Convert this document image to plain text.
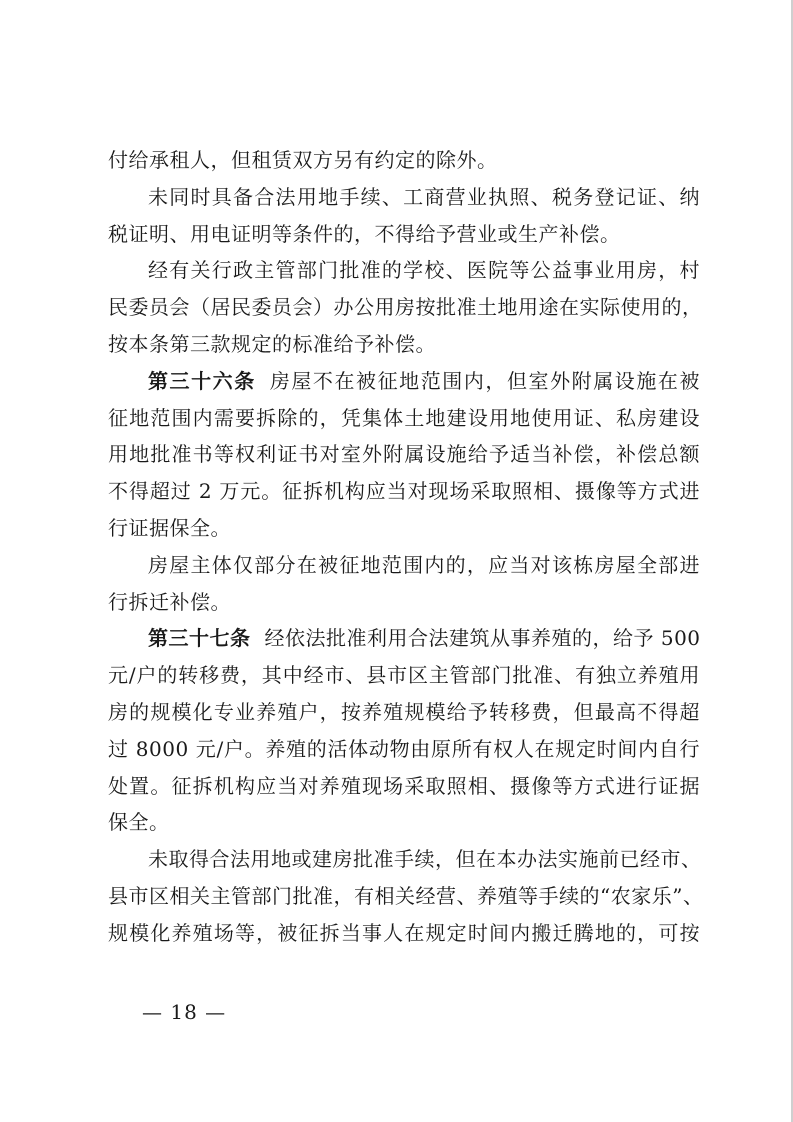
付给承租人，但租赁双方另有约定的除外。
未同时具备合法用地手续、工商营业执照、税务登记证、纳
税证明、用电证明等条件的，不得给予营业或生产补偿。
经有关行政主管部门批准的学校、医院等公益事业用房，村
民委员会（居民委员会）办公用房按批准土地用途在实际使用的，
按本条第三款规定的标准给予补偿。
第三十六条 房屋不在被征地范围内，但室外附属设施在被
征地范围内需要拆除的，凭集体土地建设用地使用证、私房建设
用地批准书等权利证书对室外附属设施给予适当补偿，补偿总额
不得超过 2 万元。征拆机构应当对现场采取照相、摄像等方式进
行证据保全。
房屋主体仅部分在被征地范围内的，应当对该栋房屋全部进
行拆迁补偿。
第三十七条 经依法批准利用合法建筑从事养殖的，给予 500
元/户的转移费，其中经市、县市区主管部门批准、有独立养殖用
房的规模化专业养殖户，按养殖规模给予转移费，但最高不得超
过 8000 元/户。养殖的活体动物由原所有权人在规定时间内自行
处置。征拆机构应当对养殖现场采取照相、摄像等方式进行证据
保全。
未取得合法用地或建房批准手续，但在本办法实施前已经市、
县市区相关主管部门批准，有相关经营、养殖等手续的“农家乐”、
规模化养殖场等，被征拆当事人在规定时间内搬迁腾地的，可按
— 18 —
